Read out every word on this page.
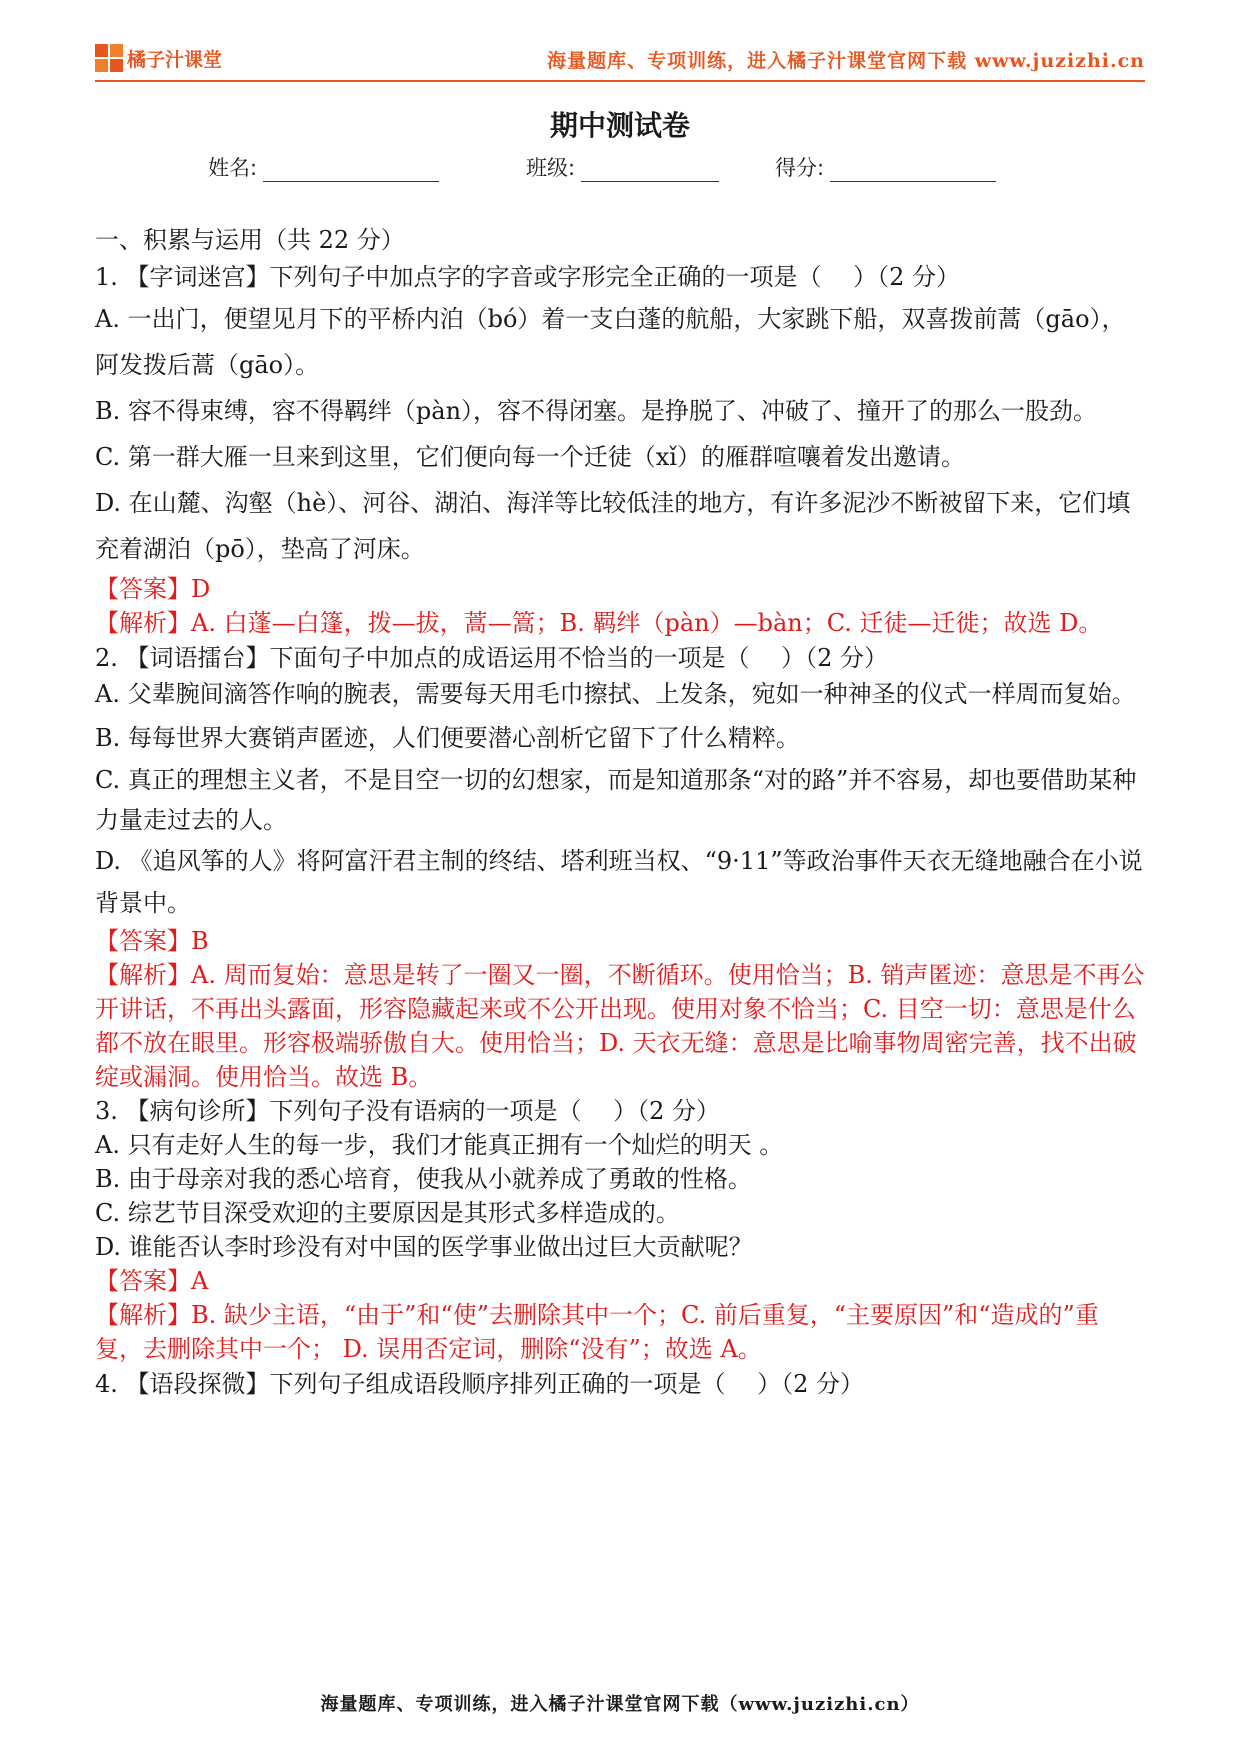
橘子汁课堂	海量题库、专项训练，进入橘子汁课堂官网下载 www.juzizhi.cn
期中测试卷
姓名:	班级:	得分:

一、积累与运用（共 22 分）

1. 【字词迷宫】下列句子中加点字的字音或字形完全正确的一项是（　 ）（2 分）

A. 一出门，便望见月下的平桥内泊（bó）着一支白蓬的航船，大家跳下船，双喜拨前蒿（gāo），阿发拨后蒿（gāo）。

B. 容不得束缚，容不得羁绊（pàn），容不得闭塞。是挣脱了、冲破了、撞开了的那么一股劲。

C. 第一群大雁一旦来到这里，它们便向每一个迁徒（xǐ）的雁群喧嚷着发出邀请。

D. 在山麓、沟壑（hè）、河谷、湖泊、海洋等比较低洼的地方，有许多泥沙不断被留下来，它们填充着湖泊（pō），垫高了河床。

【答案】D

【解析】A. 白蓬—白篷，拨—拔，蒿—篙；B. 羁绊（pàn）—bàn；C. 迁徒—迁徙；故选 D。

2. 【词语擂台】下面句子中加点的成语运用不恰当的一项是（　 ）（2 分）

A. 父辈腕间滴答作响的腕表，需要每天用毛巾擦拭、上发条，宛如一种神圣的仪式一样周而复始。

B. 每每世界大赛销声匿迹，人们便要潜心剖析它留下了什么精粹。

C. 真正的理想主义者，不是目空一切的幻想家，而是知道那条“对的路”并不容易，却也要借助某种力量走过去的人。

D. 《追风筝的人》将阿富汗君主制的终结、塔利班当权、“9·11”等政治事件天衣无缝地融合在小说背景中。

【答案】B

【解析】A. 周而复始：意思是转了一圈又一圈，不断循环。使用恰当；B. 销声匿迹：意思是不再公开讲话，不再出头露面，形容隐藏起来或不公开出现。使用对象不恰当；C. 目空一切：意思是什么都不放在眼里。形容极端骄傲自大。使用恰当；D. 天衣无缝：意思是比喻事物周密完善，找不出破绽或漏洞。使用恰当。故选 B。

3. 【病句诊所】下列句子没有语病的一项是（　 ）（2 分）

A. 只有走好人生的每一步，我们才能真正拥有一个灿烂的明天 。

B. 由于母亲对我的悉心培育，使我从小就养成了勇敢的性格。

C. 综艺节目深受欢迎的主要原因是其形式多样造成的。

D. 谁能否认李时珍没有对中国的医学事业做出过巨大贡献呢？

【答案】A

【解析】B. 缺少主语，“由于”和“使”去删除其中一个；C. 前后重复，“主要原因”和“造成的”重复，去删除其中一个； D. 误用否定词，删除“没有”；故选 A。

4. 【语段探微】下列句子组成语段顺序排列正确的一项是（　 ）（2 分）

海量题库、专项训练，进入橘子汁课堂官网下载（www.juzizhi.cn）
